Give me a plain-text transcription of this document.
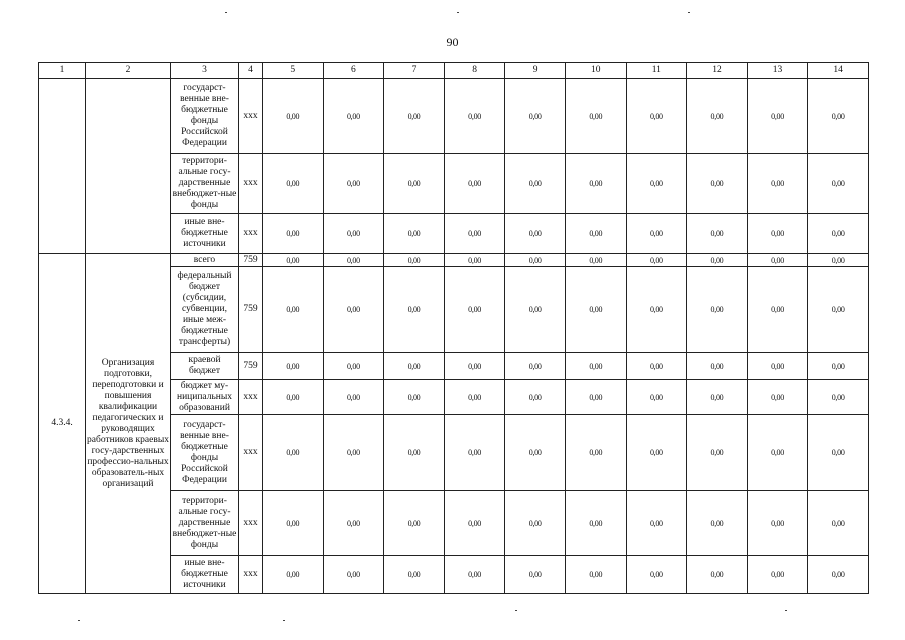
90
1	2	3	4	5	6	7	8	9	10	11	12	13	14
		государст-венные вне-бюджетные фонды Российской Федерации	ххх	0,00	0,00	0,00	0,00	0,00	0,00	0,00	0,00	0,00	0,00
		территори-альные госу-дарственные внебюджет-ные фонды	ххх	0,00	0,00	0,00	0,00	0,00	0,00	0,00	0,00	0,00	0,00
		иные вне-бюджетные источники	ххх	0,00	0,00	0,00	0,00	0,00	0,00	0,00	0,00	0,00	0,00
4.3.4.	Организация подготовки, переподготовки и повышения квалификации педагогических и руководящих работников краевых госу-дарственных профессио-нальных образователь-ных организаций	всего	759	0,00	0,00	0,00	0,00	0,00	0,00	0,00	0,00	0,00	0,00
		федеральный бюджет (субсидии, субвенции, иные меж-бюджетные трансферты)	759	0,00	0,00	0,00	0,00	0,00	0,00	0,00	0,00	0,00	0,00
		краевой бюджет	759	0,00	0,00	0,00	0,00	0,00	0,00	0,00	0,00	0,00	0,00
		бюджет му-ниципальных образований	ххх	0,00	0,00	0,00	0,00	0,00	0,00	0,00	0,00	0,00	0,00
		государст-венные вне-бюджетные фонды Российской Федерации	ххх	0,00	0,00	0,00	0,00	0,00	0,00	0,00	0,00	0,00	0,00
		территори-альные госу-дарственные внебюджет-ные фонды	ххх	0,00	0,00	0,00	0,00	0,00	0,00	0,00	0,00	0,00	0,00
		иные вне-бюджетные источники	ххх	0,00	0,00	0,00	0,00	0,00	0,00	0,00	0,00	0,00	0,00
